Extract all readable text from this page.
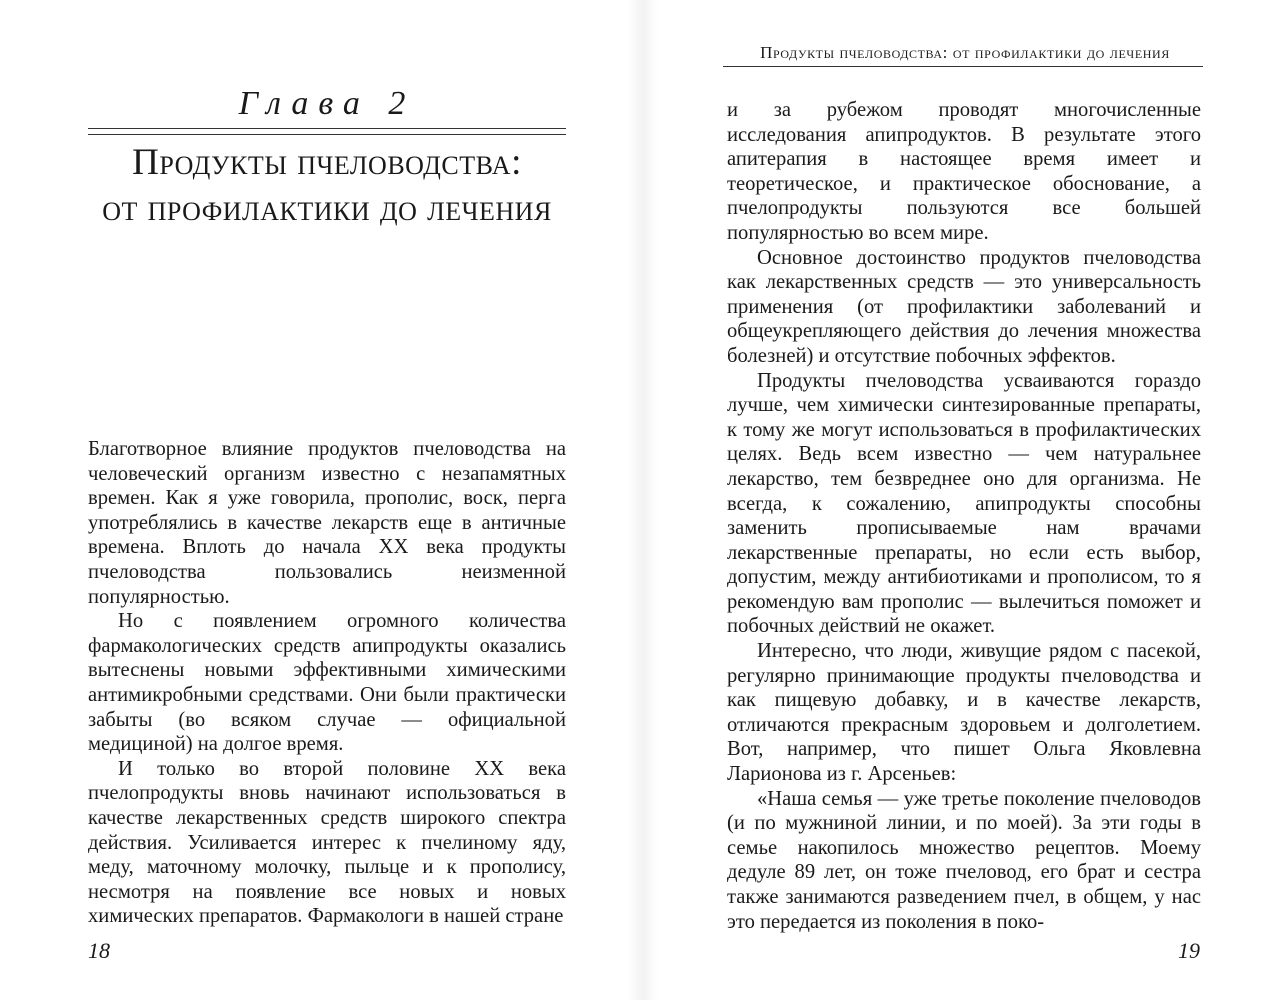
Глава 2
Продукты пчеловодства:
от профилактики до лечения

Благотворное влияние продуктов пчеловодства на человеческий организм известно с незапамятных времен. Как я уже говорила, прополис, воск, перга употреблялись в качестве лекарств еще в античные времена. Вплоть до начала XX века продукты пчеловодства пользовались неизменной популярностью.

Но с появлением огромного количества фармакологических средств апипродукты оказались вытеснены новыми эффективными химическими антимикробными средствами. Они были практически забыты (во всяком случае — официальной медициной) на долгое время.

И только во второй половине XX века пчелопродукты вновь начинают использоваться в качестве лекарственных средств широкого спектра действия. Усиливается интерес к пчелиному яду, меду, маточному молочку, пыльце и к прополису, несмотря на появление все новых и новых химических препаратов. Фармакологи в нашей стране

18
Продукты пчеловодства: от профилактики до лечения

и за рубежом проводят многочисленные исследования апипродуктов. В результате этого апитерапия в настоящее время имеет и теоретическое, и практическое обоснование, а пчелопродукты пользуются все большей популярностью во всем мире.

Основное достоинство продуктов пчеловодства как лекарственных средств — это универсальность применения (от профилактики заболеваний и общеукрепляющего действия до лечения множества болезней) и отсутствие побочных эффектов.

Продукты пчеловодства усваиваются гораздо лучше, чем химически синтезированные препараты, к тому же могут использоваться в профилактических целях. Ведь всем известно — чем натуральнее лекарство, тем безвреднее оно для организма. Не всегда, к сожалению, апипродукты способны заменить прописываемые нам врачами лекарственные препараты, но если есть выбор, допустим, между антибиотиками и прополисом, то я рекомендую вам прополис — вылечиться поможет и побочных действий не окажет.

Интересно, что люди, живущие рядом с пасекой, регулярно принимающие продукты пчеловодства и как пищевую добавку, и в качестве лекарств, отличаются прекрасным здоровьем и долголетием. Вот, например, что пишет Ольга Яковлевна Ларионова из г. Арсеньев:

«Наша семья — уже третье поколение пчеловодов (и по мужниной линии, и по моей). За эти годы в семье накопилось множество рецептов. Моему дедуле 89 лет, он тоже пчеловод, его брат и сестра также занимаются разведением пчел, в общем, у нас это передается из поколения в поко-

19
